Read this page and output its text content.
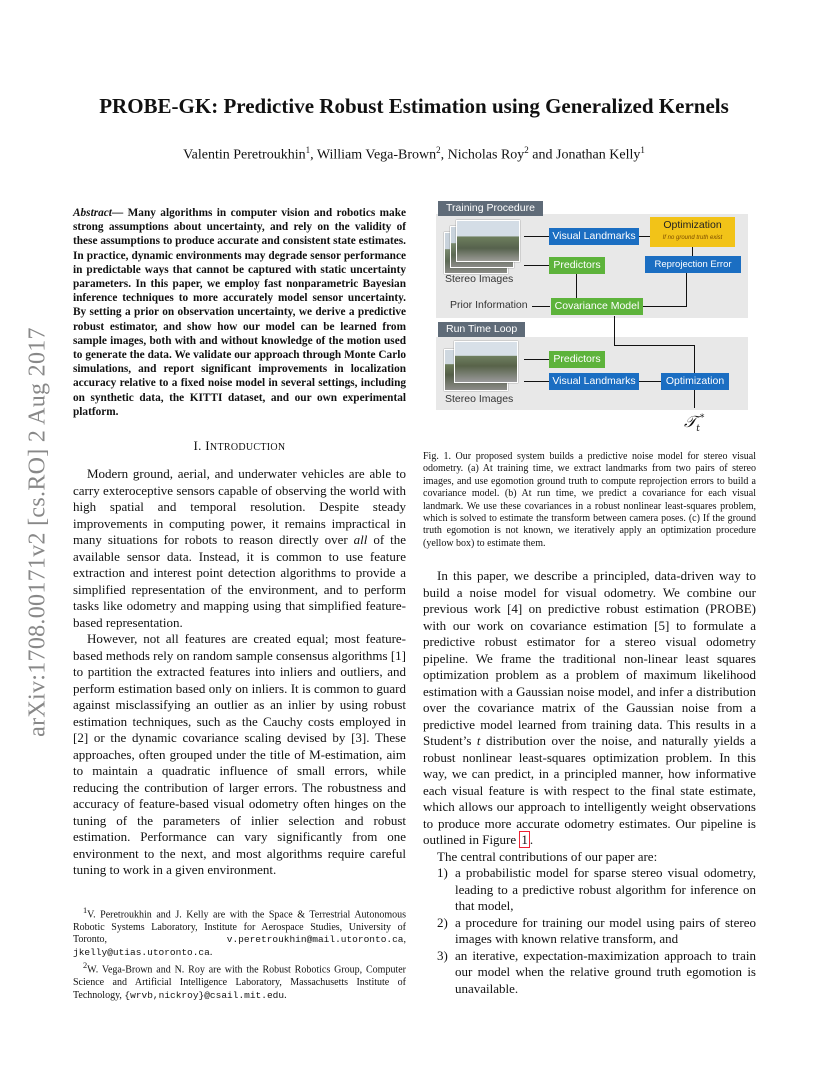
arXiv:1708.00171v2 [cs.RO] 2 Aug 2017
PROBE-GK: Predictive Robust Estimation using Generalized Kernels
Valentin Peretroukhin$^1$, William Vega-Brown$^2$, Nicholas Roy$^2$ and Jonathan Kelly$^1$
Abstract— Many algorithms in computer vision and robotics make strong assumptions about uncertainty, and rely on the validity of these assumptions to produce accurate and consistent state estimates. In practice, dynamic environments may degrade sensor performance in predictable ways that cannot be captured with static uncertainty parameters. In this paper, we employ fast nonparametric Bayesian inference techniques to more accurately model sensor uncertainty. By setting a prior on observation uncertainty, we derive a predictive robust estimator, and show how our model can be learned from sample images, both with and without knowledge of the motion used to generate the data. We validate our approach through Monte Carlo simulations, and report significant improvements in localization accuracy relative to a fixed noise model in several settings, including on synthetic data, the KITTI dataset, and our own experimental platform.
I. INTRODUCTION

Modern ground, aerial, and underwater vehicles are able to carry exteroceptive sensors capable of observing the world with high spatial and temporal resolution. Despite steady improvements in computing power, it remains impractical in many situations for robots to reason directly over all of the available sensor data. Instead, it is common to use feature extraction and interest point detection algorithms to provide a simplified representation of the environment, and to perform tasks like odometry and mapping using that simplified feature-based representation.

However, not all features are created equal; most feature-based methods rely on random sample consensus algorithms [1] to partition the extracted features into inliers and outliers, and perform estimation based only on inliers. It is common to guard against misclassifying an outlier as an inlier by using robust estimation techniques, such as the Cauchy costs employed in [2] or the dynamic covariance scaling devised by [3]. These approaches, often grouped under the title of M-estimation, aim to maintain a quadratic influence of small errors, while reducing the contribution of larger errors. The robustness and accuracy of feature-based visual odometry often hinges on the tuning of the parameters of inlier selection and robust estimation. Performance can vary significantly from one environment to the next, and most algorithms require careful tuning to work in a given environment.

$^1$V. Peretroukhin and J. Kelly are with the Space & Terrestrial Autonomous Robotic Systems Laboratory, Institute for Aerospace Studies, University of Toronto, v.peretroukhin@mail.utoronto.ca, jkelly@utias.utoronto.ca.

$^2$W. Vega-Brown and N. Roy are with the Robust Robotics Group, Computer Science and Artificial Intelligence Laboratory, Massachusetts Institute of Technology, {wrvb,nickroy}@csail.mit.edu.

Training Procedure
Stereo Images
Visual Landmarks
Predictors
Optimization
If no ground truth exist
Reprojection Error
Prior Information	Covariance Model
Run Time Loop
Stereo Images
Predictors
Visual Landmarks	Optimization
𝒯$_t$*

Fig. 1. Our proposed system builds a predictive noise model for stereo visual odometry. (a) At training time, we extract landmarks from two pairs of stereo images, and use egomotion ground truth to compute reprojection errors to build a covariance model. (b) At run time, we predict a covariance for each visual landmark. We use these covariances in a robust nonlinear least-squares problem, which is solved to estimate the transform between camera poses. (c) If the ground truth egomotion is not known, we iteratively apply an optimization procedure (yellow box) to estimate them.

In this paper, we describe a principled, data-driven way to build a noise model for visual odometry. We combine our previous work [4] on predictive robust estimation (PROBE) with our work on covariance estimation [5] to formulate a predictive robust estimator for a stereo visual odometry pipeline. We frame the traditional non-linear least squares optimization problem as a problem of maximum likelihood estimation with a Gaussian noise model, and infer a distribution over the covariance matrix of the Gaussian noise from a predictive model learned from training data. This results in a Student’s t distribution over the noise, and naturally yields a robust nonlinear least-squares optimization problem. In this way, we can predict, in a principled manner, how informative each visual feature is with respect to the final state estimate, which allows our approach to intelligently weight observations to produce more accurate odometry estimates. Our pipeline is outlined in Figure 1 .

The central contributions of our paper are:

1) a probabilistic model for sparse stereo visual odometry, leading to a predictive robust algorithm for inference on that model,
2) a procedure for training our model using pairs of stereo images with known relative transform, and
3) an iterative, expectation-maximization approach to train our model when the relative ground truth egomotion is unavailable.
